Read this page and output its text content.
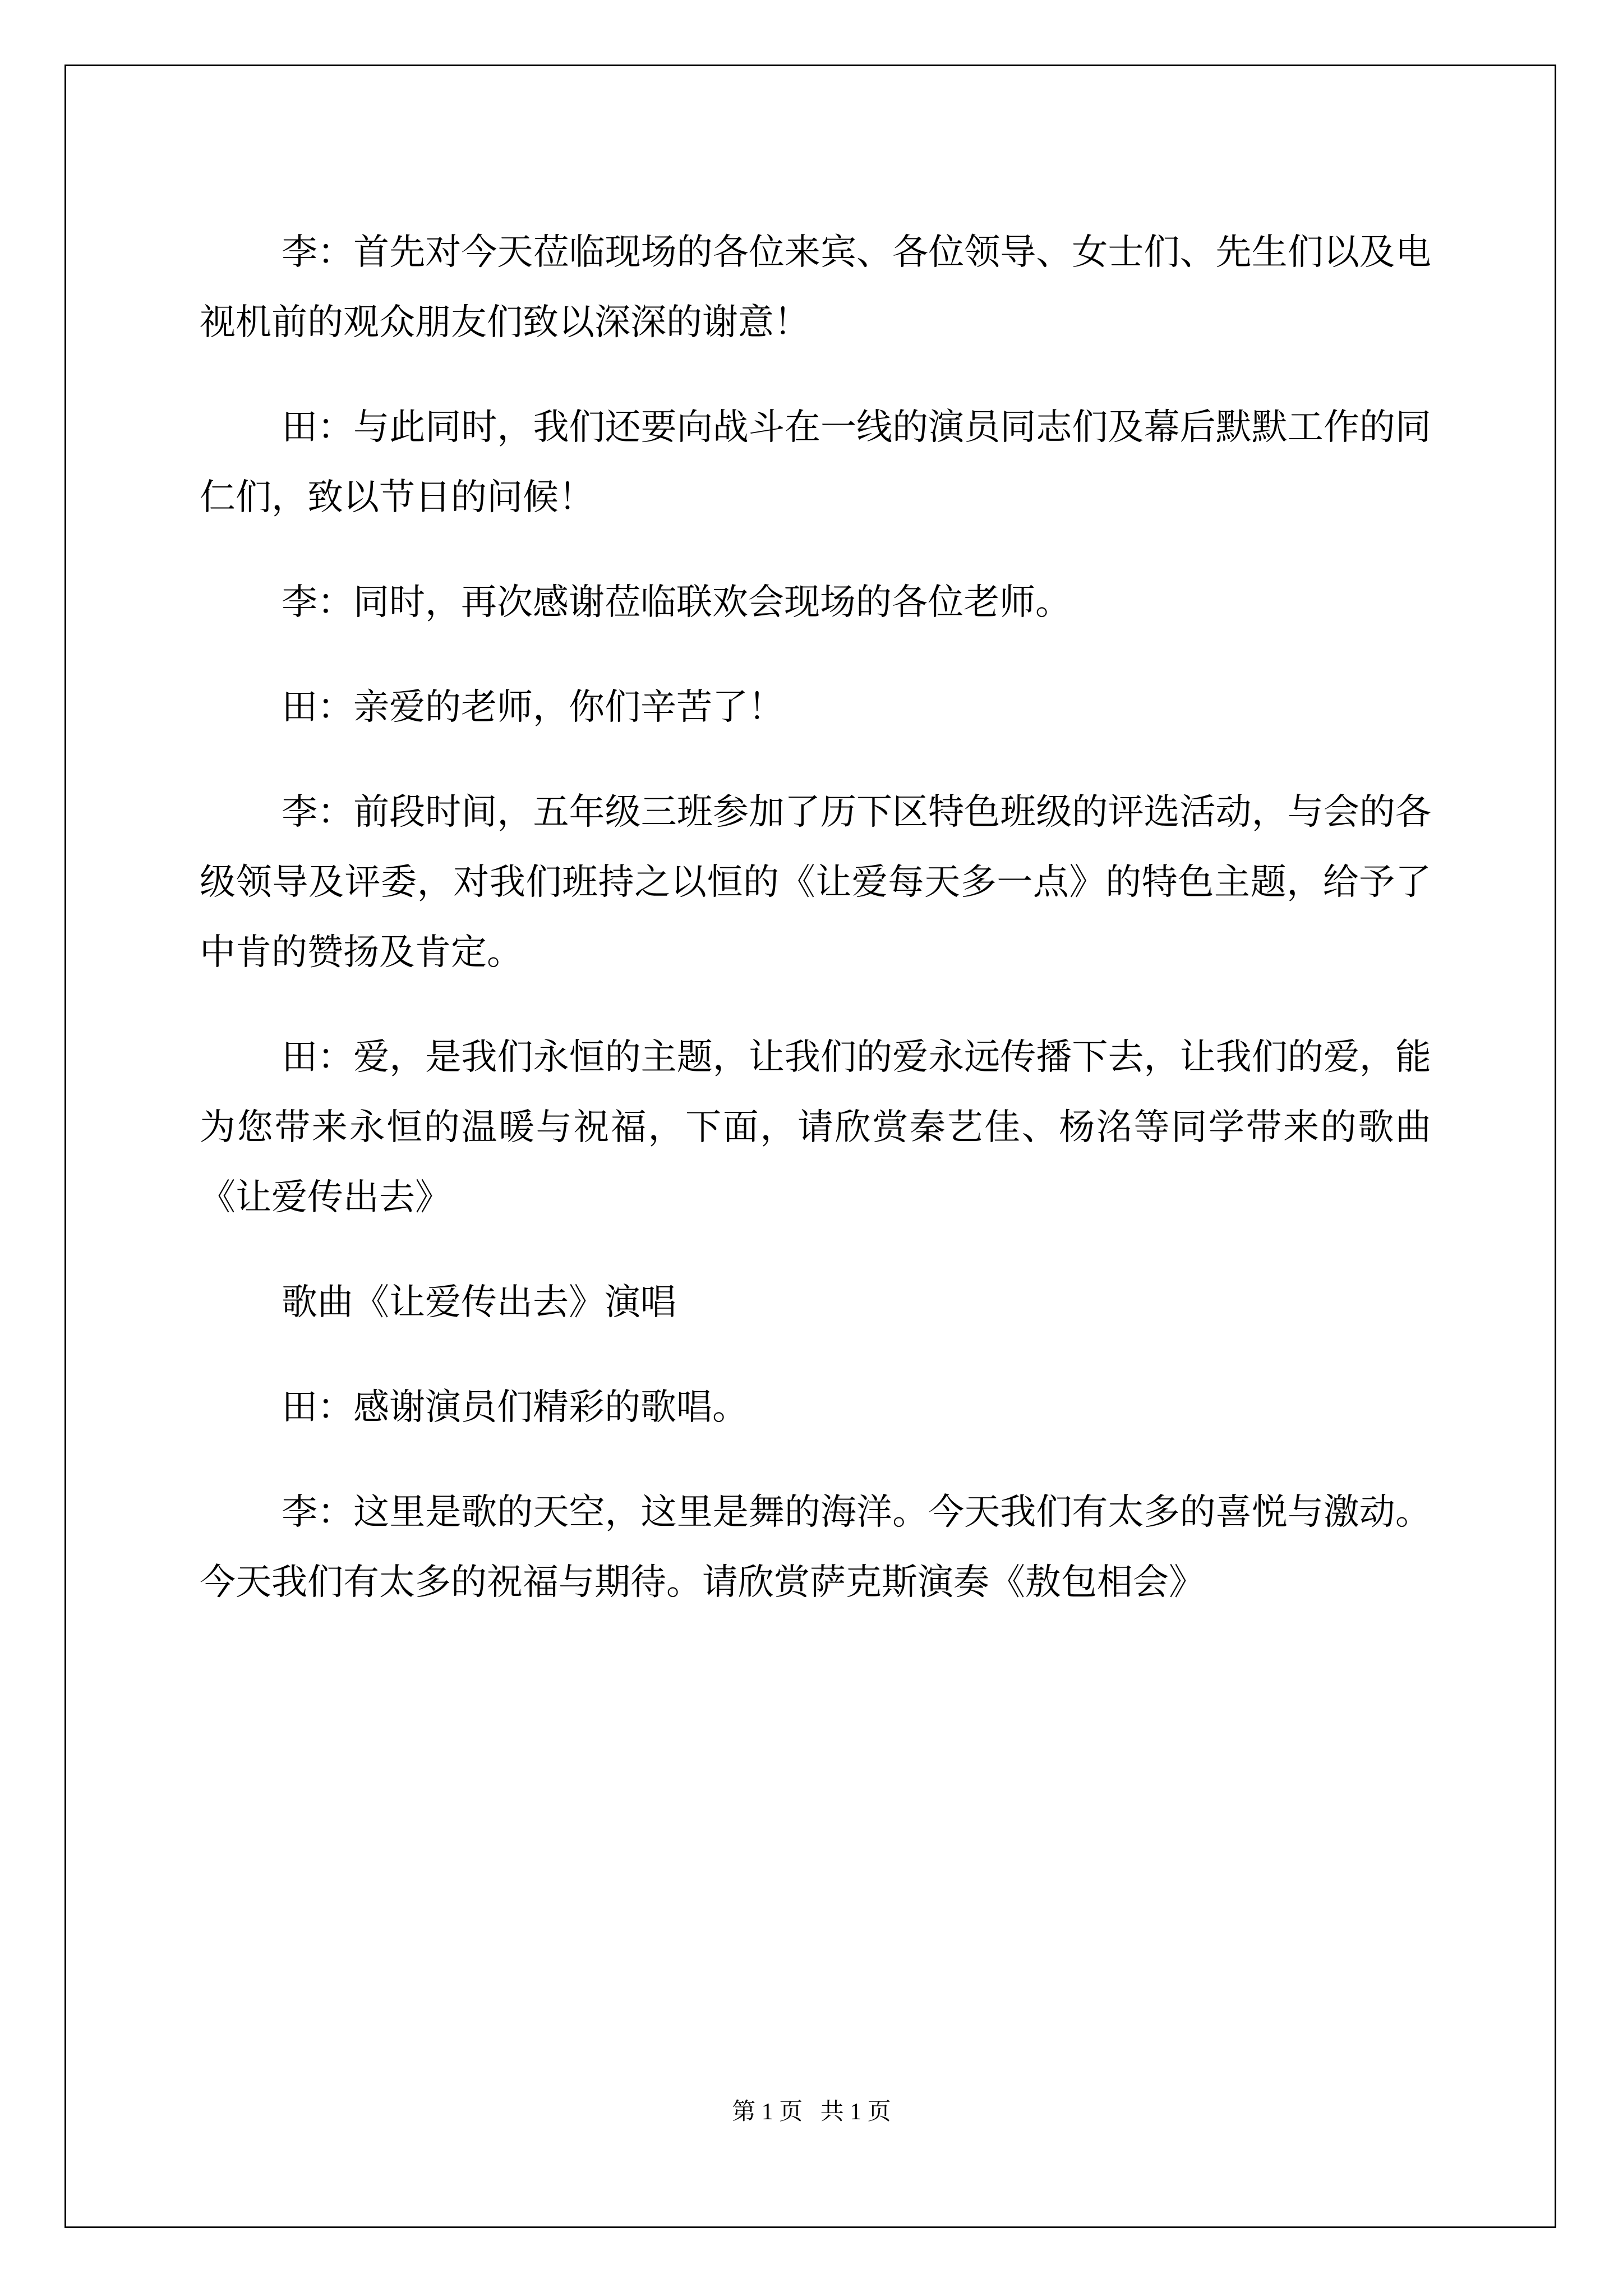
李：首先对今天莅临现场的各位来宾、各位领导、女士们、先生们以及电视机前的观众朋友们致以深深的谢意！

田：与此同时，我们还要向战斗在一线的演员同志们及幕后默默工作的同仁们，致以节日的问候！

李：同时，再次感谢莅临联欢会现场的各位老师。

田：亲爱的老师，你们辛苦了！

李：前段时间，五年级三班参加了历下区特色班级的评选活动，与会的各级领导及评委，对我们班持之以恒的《让爱每天多一点》的特色主题，给予了中肯的赞扬及肯定。

田：爱，是我们永恒的主题，让我们的爱永远传播下去，让我们的爱，能为您带来永恒的温暖与祝福，下面，请欣赏秦艺佳、杨洺等同学带来的歌曲《让爱传出去》

歌曲《让爱传出去》演唱

田：感谢演员们精彩的歌唱。

李：这里是歌的天空，这里是舞的海洋。今天我们有太多的喜悦与激动。今天我们有太多的祝福与期待。请欣赏萨克斯演奏《敖包相会》

第 1 页 共 1 页
